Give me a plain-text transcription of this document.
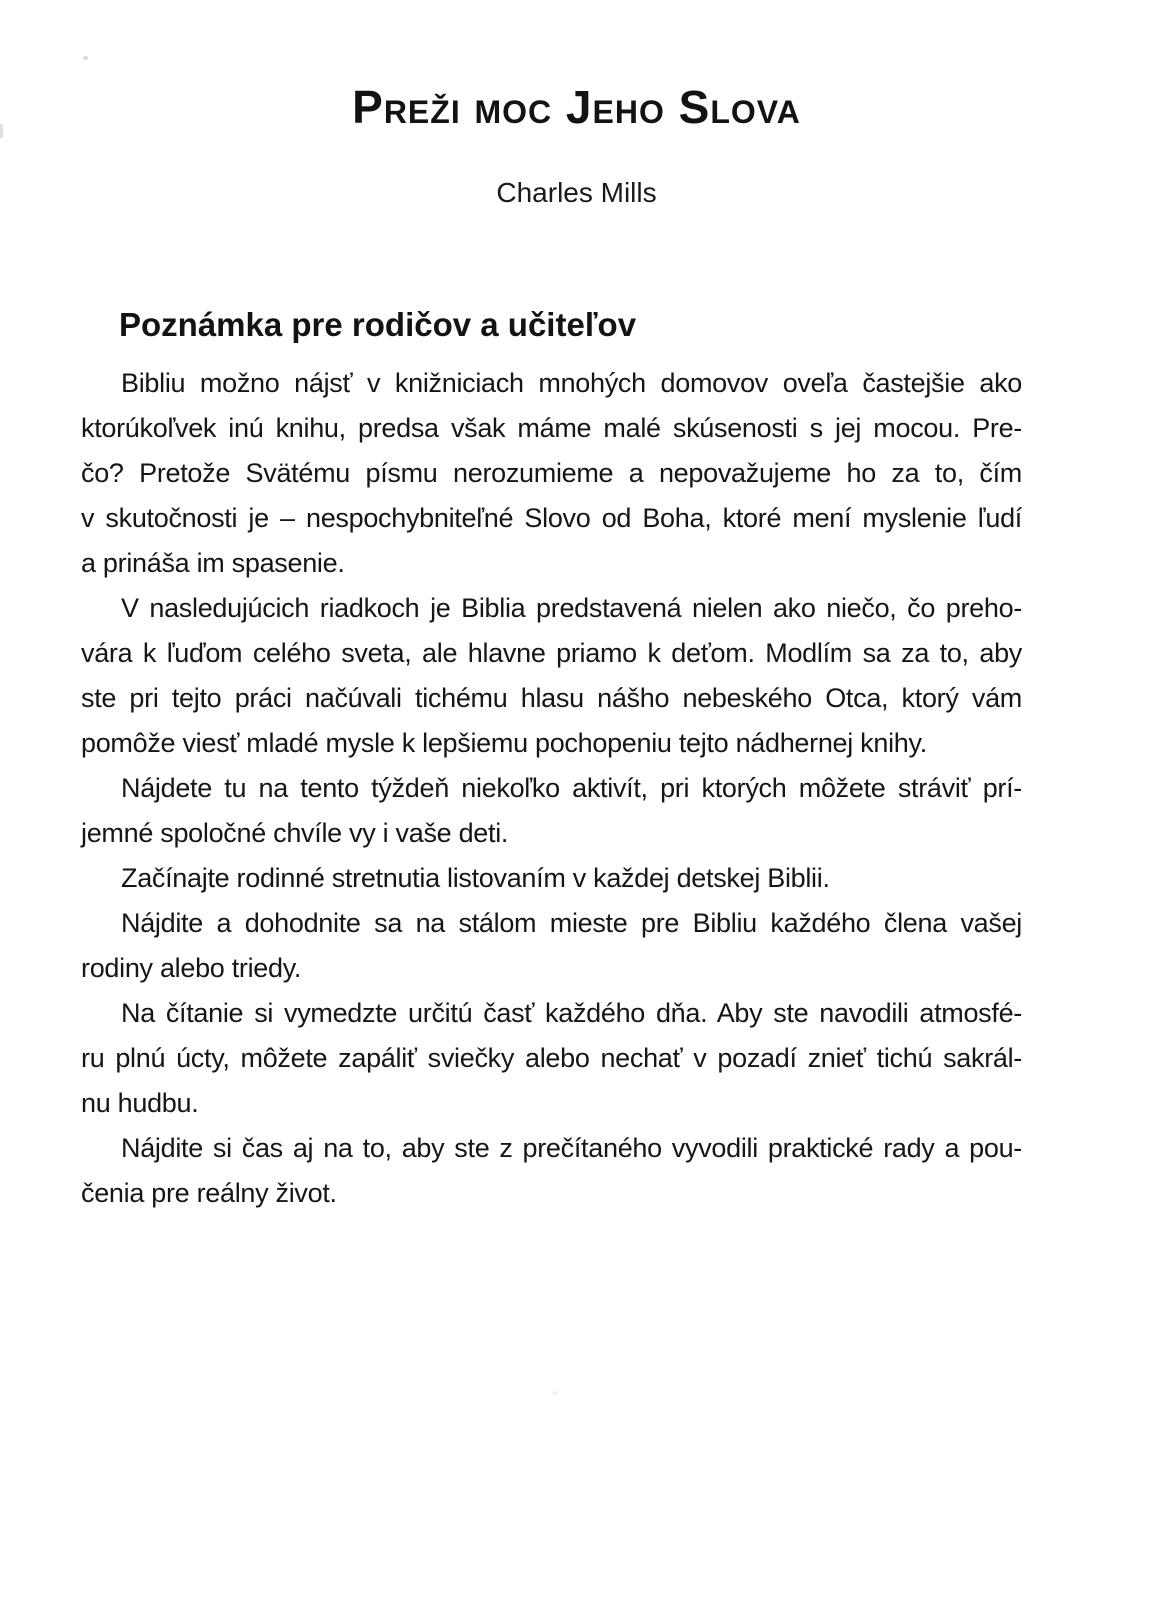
Preži moc Jeho Slova
Charles Mills
Poznámka pre rodičov a učiteľov
Bibliu možno nájsť v knižniciach mnohých domovov oveľa častejšie ako
ktorúkoľvek inú knihu, predsa však máme malé skúsenosti s jej mocou. Pre-
čo? Pretože Svätému písmu nerozumieme a nepovažujeme ho za to, čím
v skutočnosti je – nespochybniteľné Slovo od Boha, ktoré mení myslenie ľudí
a prináša im spasenie.
V nasledujúcich riadkoch je Biblia predstavená nielen ako niečo, čo preho-
vára k ľuďom celého sveta, ale hlavne priamo k deťom. Modlím sa za to, aby
ste pri tejto práci načúvali tichému hlasu nášho nebeského Otca, ktorý vám
pomôže viesť mladé mysle k lepšiemu pochopeniu tejto nádhernej knihy.
Nájdete tu na tento týždeň niekoľko aktivít, pri ktorých môžete stráviť prí-
jemné spoločné chvíle vy i vaše deti.
Začínajte rodinné stretnutia listovaním v každej detskej Biblii.
Nájdite a dohodnite sa na stálom mieste pre Bibliu každého člena vašej
rodiny alebo triedy.
Na čítanie si vymedzte určitú časť každého dňa. Aby ste navodili atmosfé-
ru plnú úcty, môžete zapáliť sviečky alebo nechať v pozadí znieť tichú sakrál-
nu hudbu.
Nájdite si čas aj na to, aby ste z prečítaného vyvodili praktické rady a pou-
čenia pre reálny život.
